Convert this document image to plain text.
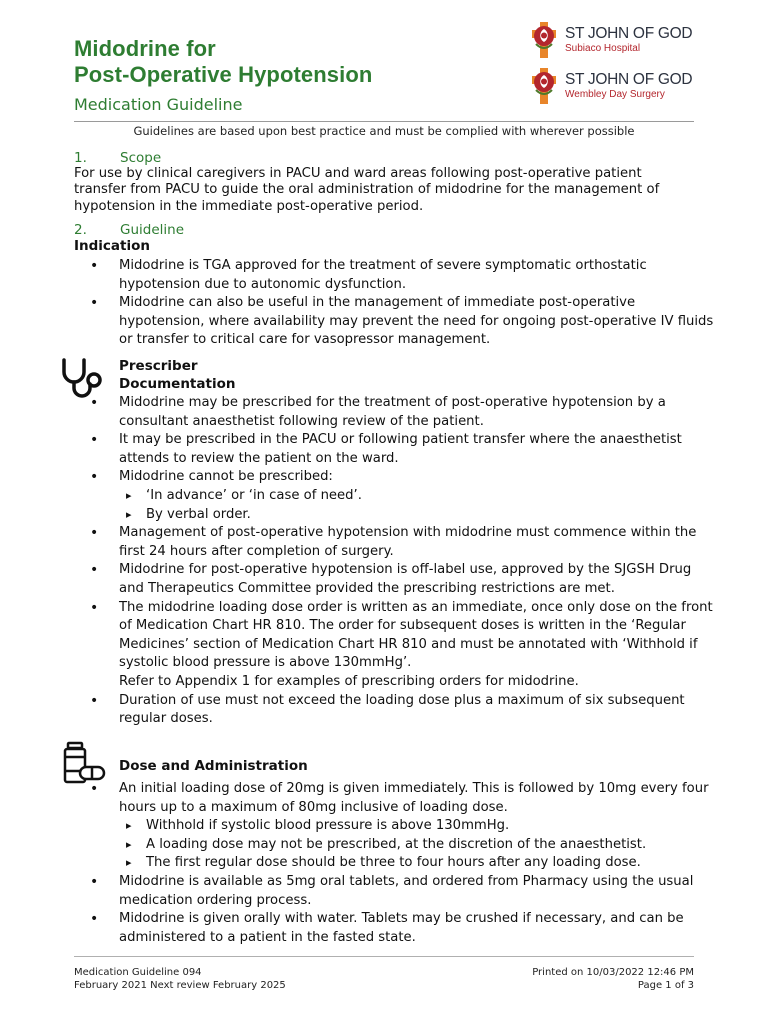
Midodrine for
Post-Operative Hypotension
Medication Guideline
ST JOHN OF GOD
Subiaco Hospital
ST JOHN OF GOD
Wembley Day Surgery
Guidelines are based upon best practice and must be complied with wherever possible
1. Scope
For use by clinical caregivers in PACU and ward areas following post-operative patient transfer from PACU to guide the oral administration of midodrine for the management of hypotension in the immediate post-operative period.
2. Guideline
Indication
• Midodrine is TGA approved for the treatment of severe symptomatic orthostatic hypotension due to autonomic dysfunction.
• Midodrine can also be useful in the management of immediate post-operative hypotension, where availability may prevent the need for ongoing post-operative IV fluids or transfer to critical care for vasopressor management.
Prescriber
Documentation
• Midodrine may be prescribed for the treatment of post-operative hypotension by a consultant anaesthetist following review of the patient.
• It may be prescribed in the PACU or following patient transfer where the anaesthetist attends to review the patient on the ward.
• Midodrine cannot be prescribed:
▸ ‘In advance’ or ‘in case of need’.
▸ By verbal order.
• Management of post-operative hypotension with midodrine must commence within the first 24 hours after completion of surgery.
• Midodrine for post-operative hypotension is off-label use, approved by the SJGSH Drug and Therapeutics Committee provided the prescribing restrictions are met.
• The midodrine loading dose order is written as an immediate, once only dose on the front of Medication Chart HR 810. The order for subsequent doses is written in the ‘Regular Medicines’ section of Medication Chart HR 810 and must be annotated with ‘Withhold if systolic blood pressure is above 130mmHg’.
Refer to Appendix 1 for examples of prescribing orders for midodrine.
• Duration of use must not exceed the loading dose plus a maximum of six subsequent regular doses.
Dose and Administration
• An initial loading dose of 20mg is given immediately. This is followed by 10mg every four hours up to a maximum of 80mg inclusive of loading dose.
▸ Withhold if systolic blood pressure is above 130mmHg.
▸ A loading dose may not be prescribed, at the discretion of the anaesthetist.
▸ The first regular dose should be three to four hours after any loading dose.
• Midodrine is available as 5mg oral tablets, and ordered from Pharmacy using the usual medication ordering process.
• Midodrine is given orally with water. Tablets may be crushed if necessary, and can be administered to a patient in the fasted state.
Medication Guideline 094
February 2021 Next review February 2025
Printed on 10/03/2022 12:46 PM
Page 1 of 3
